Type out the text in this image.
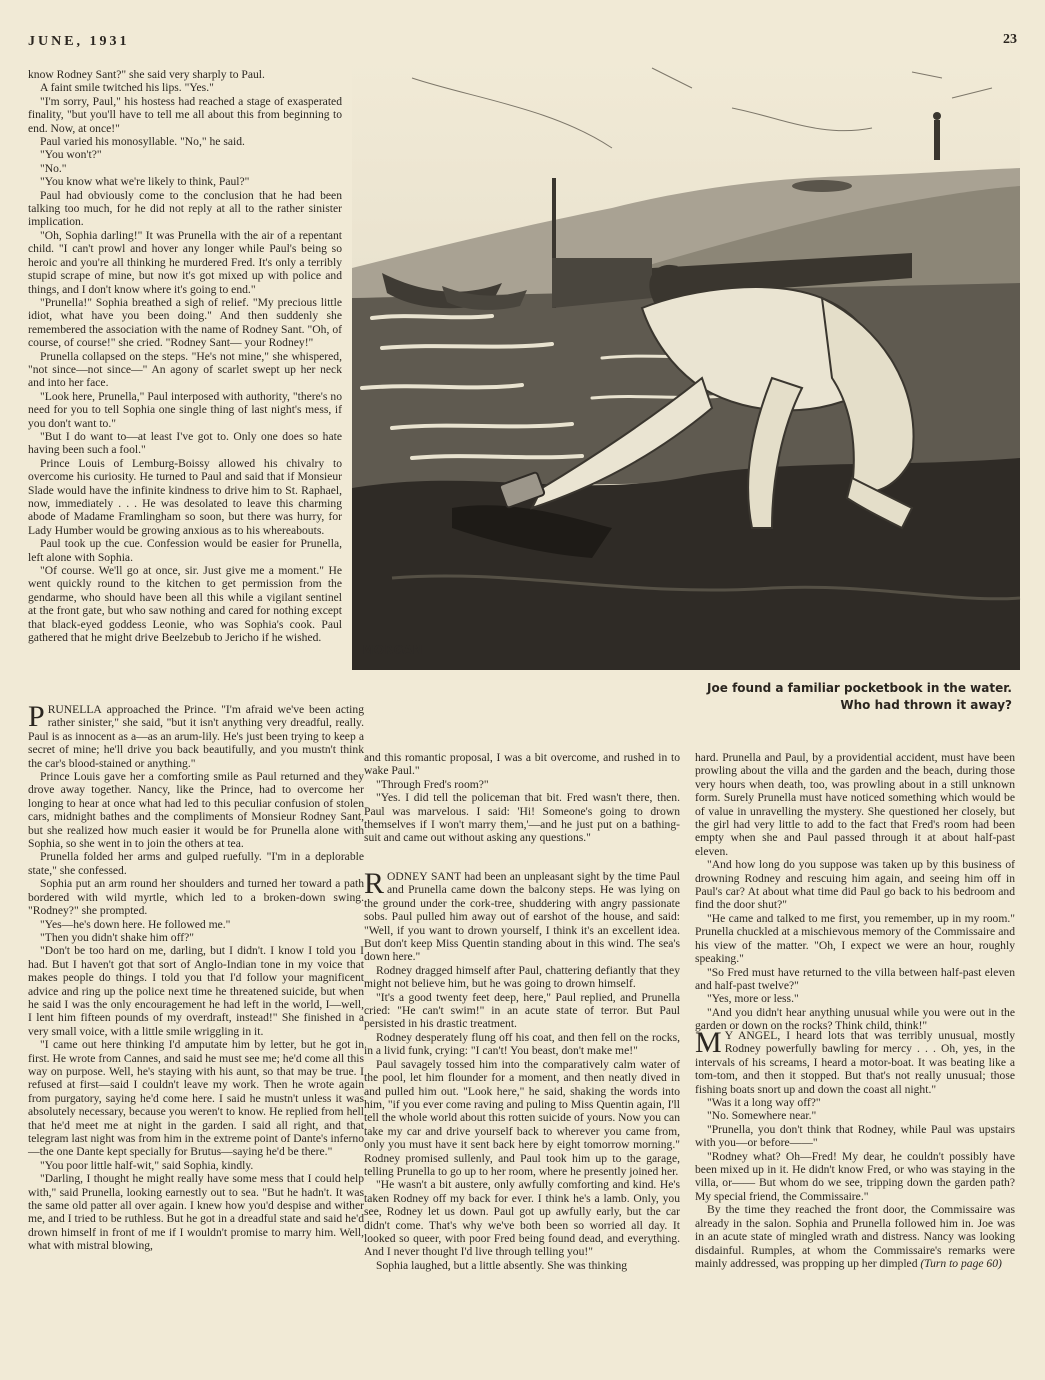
JUNE, 1931	23

know Rodney Sant?" she said very sharply to Paul.

A faint smile twitched his lips. "Yes."

"I'm sorry, Paul," his hostess had reached a stage of exasperated finality, "but you'll have to tell me all about this from beginning to end. Now, at once!"

Paul varied his monosyllable. "No," he said.

"You won't?"

"No."

"You know what we're likely to think, Paul?"

Paul had obviously come to the conclusion that he had been talking too much, for he did not reply at all to the rather sinister implication.

"Oh, Sophia darling!" It was Prunella with the air of a repentant child. "I can't prowl and hover any longer while Paul's being so heroic and you're all thinking he murdered Fred. It's only a terribly stupid scrape of mine, but now it's got mixed up with police and things, and I don't know where it's going to end."

"Prunella!" Sophia breathed a sigh of relief. "My precious little idiot, what have you been doing." And then suddenly she remembered the association with the name of Rodney Sant. "Oh, of course, of course!" she cried. "Rodney Sant— your Rodney!"

Prunella collapsed on the steps. "He's not mine," she whispered, "not since—not since—" An agony of scarlet swept up her neck and into her face.

"Look here, Prunella," Paul interposed with authority, "there's no need for you to tell Sophia one single thing of last night's mess, if you don't want to."

"But I do want to—at least I've got to. Only one does so hate having been such a fool."

Prince Louis of Lemburg-Boissy allowed his chivalry to overcome his curiosity. He turned to Paul and said that if Monsieur Slade would have the infinite kindness to drive him to St. Raphael, now, immediately . . . He was desolated to leave this charming abode of Madame Framlingham so soon, but there was hurry, for Lady Humber would be growing anxious as to his whereabouts.

Paul took up the cue. Confession would be easier for Prunella, left alone with Sophia.

"Of course. We'll go at once, sir. Just give me a moment." He went quickly round to the kitchen to get permission from the gendarme, who should have been all this while a vigilant sentinel at the front gate, but who saw nothing and cared for nothing except that black-eyed goddess Leonie, who was Sophia's cook. Paul gathered that he might drive Beelzebub to Jericho if he wished.

PRUNELLA approached the Prince. "I'm afraid we've been acting rather sinister," she said, "but it isn't anything very dreadful, really. Paul is as innocent as a—as an arum-lily. He's just been trying to keep a secret of mine; he'll drive you back beautifully, and you mustn't think the car's blood-stained or anything."

Prince Louis gave her a comforting smile as Paul returned and they drove away together. Nancy, like the Prince, had to overcome her longing to hear at once what had led to this peculiar confusion of stolen cars, midnight bathes and the compliments of Monsieur Rodney Sant, but she realized how much easier it would be for Prunella alone with Sophia, so she went in to join the others at tea.

Prunella folded her arms and gulped ruefully. "I'm in a deplorable state," she confessed.

Sophia put an arm round her shoulders and turned her toward a path bordered with wild myrtle, which led to a broken-down swing. "Rodney?" she prompted.

"Yes—he's down here. He followed me."

"Then you didn't shake him off?"

"Don't be too hard on me, darling, but I didn't. I know I told you I had. But I haven't got that sort of Anglo-Indian tone in my voice that makes people do things. I told you that I'd follow your magnificent advice and ring up the police next time he threatened suicide, but when he said I was the only encouragement he had left in the world, I—well, I lent him fifteen pounds of my overdraft, instead!" She finished in a very small voice, with a little smile wriggling in it.

"I came out here thinking I'd amputate him by letter, but he got in first. He wrote from Cannes, and said he must see me; he'd come all this way on purpose. Well, he's staying with his aunt, so that may be true. I refused at first—said I couldn't leave my work. Then he wrote again from purgatory, saying he'd come here. I said he mustn't unless it was absolutely necessary, because you weren't to know. He replied from hell that he'd meet me at night in the garden. I said all right, and that telegram last night was from him in the extreme point of Dante's inferno—the one Dante kept specially for Brutus—saying he'd be there."

"You poor little half-wit," said Sophia, kindly.

"Darling, I thought he might really have some mess that I could help with," said Prunella, looking earnestly out to sea. "But he hadn't. It was the same old patter all over again. I knew how you'd despise and wither me, and I tried to be ruthless. But he got in a dreadful state and said he'd drown himself in front of me if I wouldn't promise to marry him. Well, what with mistral blowing,

MORGAN
Joe found a familiar pocketbook in the water. Who had thrown it away?

and this romantic proposal, I was a bit overcome, and rushed in to wake Paul."

"Through Fred's room?"

"Yes. I did tell the policeman that bit. Fred wasn't there, then. Paul was marvelous. I said: 'Hi! Someone's going to drown themselves if I won't marry them,'—and he just put on a bathing-suit and came out without asking any questions."

RODNEY SANT had been an unpleasant sight by the time Paul and Prunella came down the balcony steps. He was lying on the ground under the cork-tree, shuddering with angry passionate sobs. Paul pulled him away out of earshot of the house, and said: "Well, if you want to drown yourself, I think it's an excellent idea. But don't keep Miss Quentin standing about in this wind. The sea's down here."

Rodney dragged himself after Paul, chattering defiantly that they might not believe him, but he was going to drown himself.

"It's a good twenty feet deep, here," Paul replied, and Prunella cried: "He can't swim!" in an acute state of terror. But Paul persisted in his drastic treatment.

Rodney desperately flung off his coat, and then fell on the rocks, in a livid funk, crying: "I can't! You beast, don't make me!"

Paul savagely tossed him into the comparatively calm water of the pool, let him flounder for a moment, and then neatly dived in and pulled him out. "Look here," he said, shaking the words into him, "if you ever come raving and puling to Miss Quentin again, I'll tell the whole world about this rotten suicide of yours. Now you can take my car and drive yourself back to wherever you came from, only you must have it sent back here by eight tomorrow morning." Rodney promised sullenly, and Paul took him up to the garage, telling Prunella to go up to her room, where he presently joined her.

"He wasn't a bit austere, only awfully comforting and kind. He's taken Rodney off my back for ever. I think he's a lamb. Only, you see, Rodney let us down. Paul got up awfully early, but the car didn't come. That's why we've both been so worried all day. It looked so queer, with poor Fred being found dead, and everything. And I never thought I'd live through telling you!"

Sophia laughed, but a little absently. She was thinking

hard. Prunella and Paul, by a providential accident, must have been prowling about the villa and the garden and the beach, during those very hours when death, too, was prowling about in a still unknown form. Surely Prunella must have noticed something which would be of value in unravelling the mystery. She questioned her closely, but the girl had very little to add to the fact that Fred's room had been empty when she and Paul passed through it at about half-past eleven.

"And how long do you suppose was taken up by this business of drowning Rodney and rescuing him again, and seeing him off in Paul's car? At about what time did Paul go back to his bedroom and find the door shut?"

"He came and talked to me first, you remember, up in my room." Prunella chuckled at a mischievous memory of the Commissaire and his view of the matter. "Oh, I expect we were an hour, roughly speaking."

"So Fred must have returned to the villa between half-past eleven and half-past twelve?"

"Yes, more or less."

"And you didn't hear anything unusual while you were out in the garden or down on the rocks? Think child, think!"

M Y ANGEL, I heard lots that was terribly unusual, mostly Rodney powerfully bawling for mercy . . . Oh, yes, in the intervals of his screams, I heard a motor-boat. It was beating like a tom-tom, and then it stopped. But that's not really unusual; those fishing boats snort up and down the coast all night."

"Was it a long way off?"

"No. Somewhere near."

"Prunella, you don't think that Rodney, while Paul was upstairs with you—or before——"

"Rodney what? Oh—Fred! My dear, he couldn't possibly have been mixed up in it. He didn't know Fred, or who was staying in the villa, or—— But whom do we see, tripping down the garden path? My special friend, the Commissaire."

By the time they reached the front door, the Commissaire was already in the salon. Sophia and Prunella followed him in. Joe was in an acute state of mingled wrath and distress. Nancy was looking disdainful. Rumples, at whom the Commissaire's remarks were mainly addressed, was propping up her dimpled (Turn to page 60)
